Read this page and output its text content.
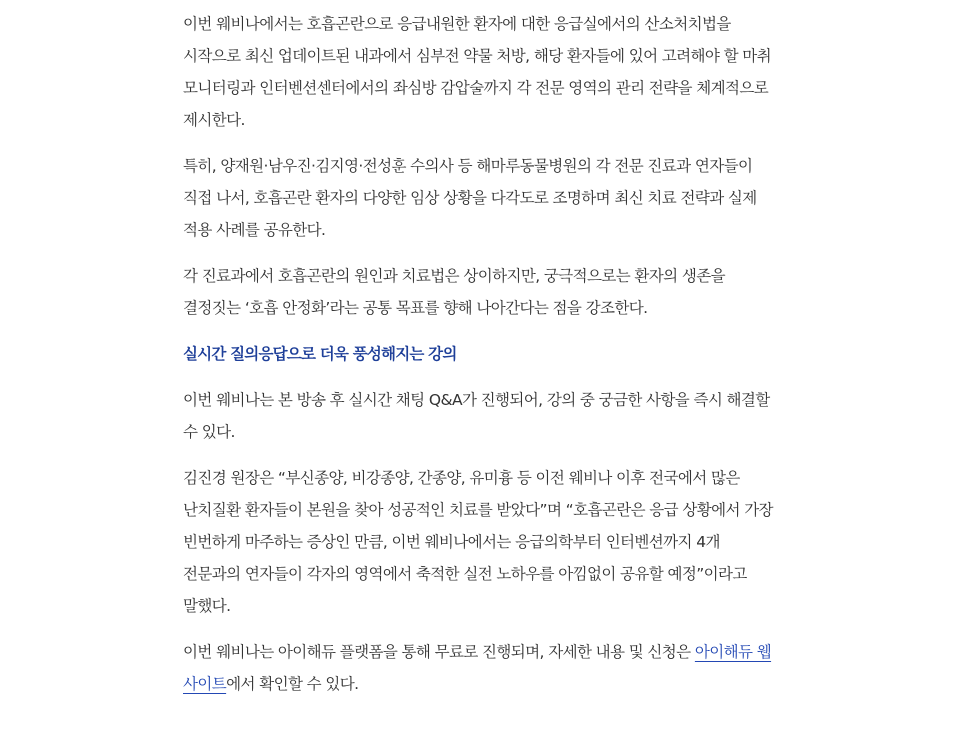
이번 웨비나에서는 호흡곤란으로 응급내원한 환자에 대한 응급실에서의 산소처치법을
시작으로 최신 업데이트된 내과에서 심부전 약물 처방, 해당 환자들에 있어 고려해야 할 마취
모니터링과 인터벤션센터에서의 좌심방 감압술까지 각 전문 영역의 관리 전략을 체계적으로
제시한다.

특히, 양재원·남우진·김지영·전성훈 수의사 등 해마루동물병원의 각 전문 진료과 연자들이
직접 나서, 호흡곤란 환자의 다양한 임상 상황을 다각도로 조명하며 최신 치료 전략과 실제
적용 사례를 공유한다.

각 진료과에서 호흡곤란의 원인과 치료법은 상이하지만, 궁극적으로는 환자의 생존을
결정짓는 ‘호흡 안정화’라는 공통 목표를 향해 나아간다는 점을 강조한다.

실시간 질의응답으로 더욱 풍성해지는 강의

이번 웨비나는 본 방송 후 실시간 채팅 Q&A가 진행되어, 강의 중 궁금한 사항을 즉시 해결할
수 있다.

김진경 원장은 “부신종양, 비강종양, 간종양, 유미흉 등 이전 웨비나 이후 전국에서 많은
난치질환 환자들이 본원을 찾아 성공적인 치료를 받았다”며 “호흡곤란은 응급 상황에서 가장
빈번하게 마주하는 증상인 만큼, 이번 웨비나에서는 응급의학부터 인터벤션까지 4개
전문과의 연자들이 각자의 영역에서 축적한 실전 노하우를 아낌없이 공유할 예정”이라고
말했다.

이번 웨비나는 아이해듀 플랫폼을 통해 무료로 진행되며, 자세한 내용 및 신청은 아이해듀 웹
사이트에서 확인할 수 있다.
